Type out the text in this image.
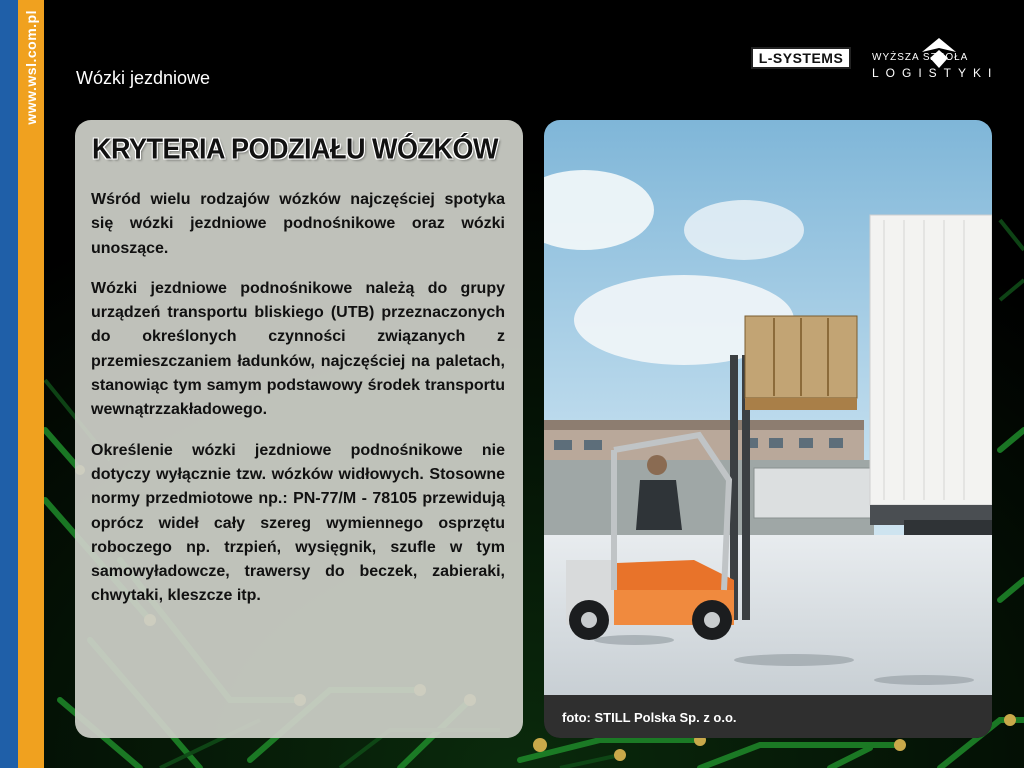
www.wsl.com.pl Wózki jezdniowe
L-SYSTEMS	WYŻSZA SZKOŁA
LOGISTYKI
KRYTERIA PODZIAŁU WÓZKÓW

Wśród wielu rodzajów wózków najczęściej spotyka się wózki jezdniowe podnośnikowe oraz wózki unoszące.

Wózki jezdniowe podnośnikowe należą do grupy urządzeń transportu bliskiego (UTB) przeznaczonych do określonych czynności związanych z przemieszczaniem ładunków, najczęściej na paletach, stanowiąc tym samym podstawowy środek transportu wewnątrzzakładowego.

Określenie wózki jezdniowe podnośnikowe nie dotyczy wyłącznie tzw. wózków widłowych. Stosowne normy przedmiotowe np.: PN-77/M - 78105 przewidują oprócz wideł cały szereg wymiennego osprzętu roboczego np. trzpień, wysięgnik, szufle w tym samowyładowcze, trawersy do beczek, zabieraki, chwytaki, kleszcze itp.

foto: STILL Polska Sp. z o.o.
